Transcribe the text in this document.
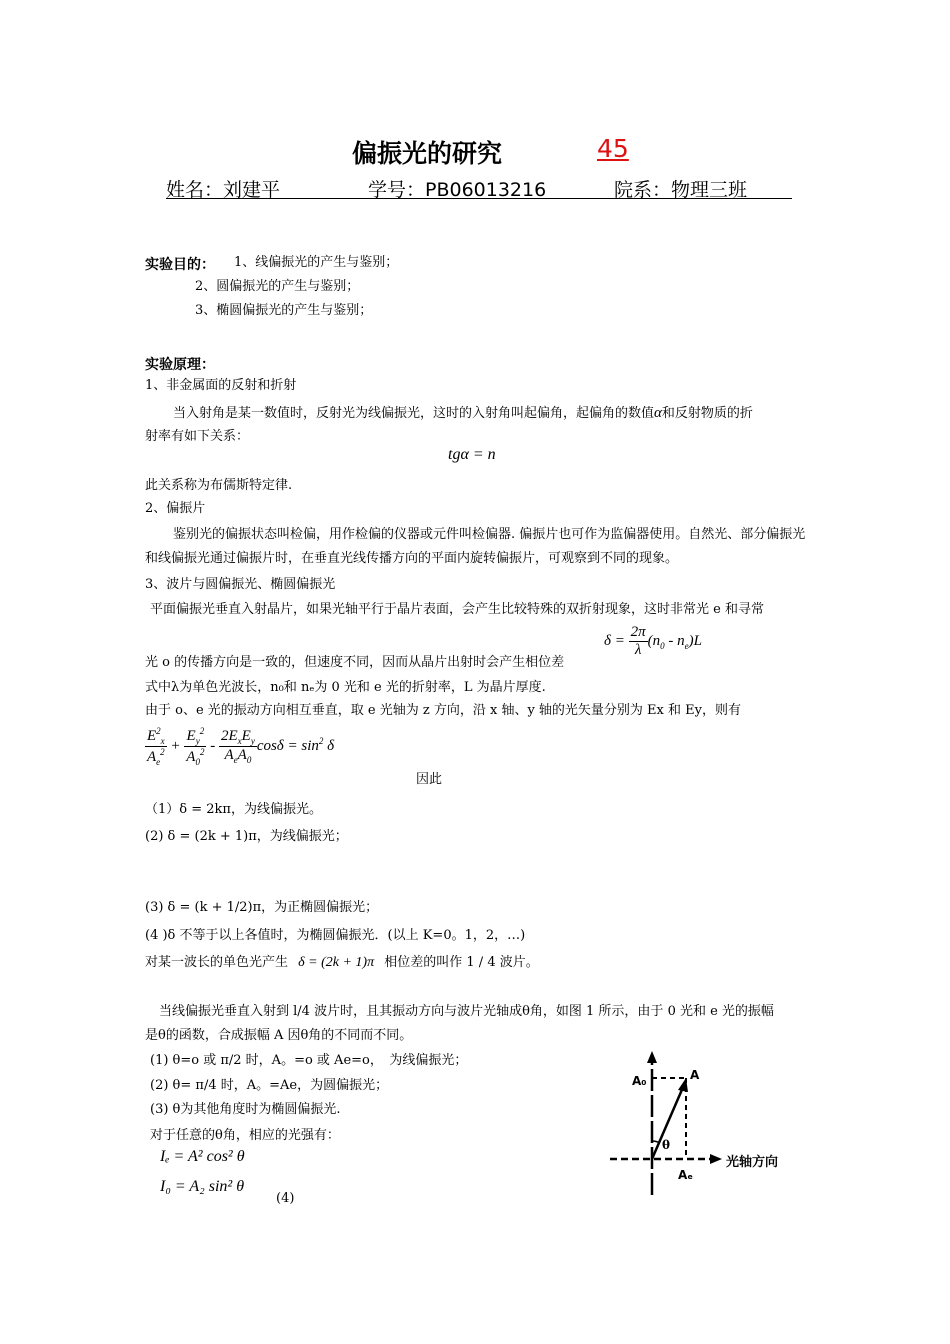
偏振光的研究	45
姓名：刘建平	学号：PB06013216	院系：物理三班
实验目的： 1、线偏振光的产生与鉴别；
2、圆偏振光的产生与鉴别；
3、椭圆偏振光的产生与鉴别；
实验原理：
1、非金属面的反射和折射
当入射角是某一数值时，反射光为线偏振光，这时的入射角叫起偏角，起偏角的数值α和反射物质的折
射率有如下关系：
tgα = n
此关系称为布儒斯特定律.
2、偏振片
鉴别光的偏振状态叫检偏，用作检偏的仪器或元件叫检偏器. 偏振片也可作为监偏器使用。自然光、部分偏振光和线偏振光通过偏振片时，在垂直光线传播方向的平面内旋转偏振片，可观察到不同的现象。
3、波片与圆偏振光、椭圆偏振光
平面偏振光垂直入射晶片，如果光轴平行于晶片表面，会产生比较特殊的双折射现象，这时非常光 e 和寻常
光 o 的传播方向是一致的，但速度不同，因而从晶片出射时会产生相位差
$\delta = \frac{2\pi}{\lambda} (n_0 - n_e)L$
式中λ为单色光波长，n₀和 nₑ为 0 光和 e 光的折射率，L 为晶片厚度.
由于 o、e 光的振动方向相互垂直，取 e 光轴为 z 方向，沿 x 轴、y 轴的光矢量分别为 Ex 和 Ey，则有
$\frac{E^2_x}{A_e^2} + \frac{E_y^2}{A_0^2} - \frac{2E_xE_y}{A_eA_0}$ $\cos\delta = \sin^2 \delta$
因此
（1）δ = 2kπ，为线偏振光。
(2) δ = (2k + 1)π，为线偏振光；
(3) δ = (k + 1/2)π，为正椭圆偏振光；
(4 )δ 不等于以上各值时，为椭圆偏振光．(以上 K=0。1，2，…)
对某一波长的单色光产生 δ = (2k + 1)π 相位差的叫作 1 / 4 波片。
当线偏振光垂直入射到 l/4 波片时，且其振动方向与波片光轴成θ角，如图 1 所示，由于 0 光和 e 光的振幅
是θ的函数，合成振幅 A 因θ角的不同而不同。
(1) θ=o 或 π/2 时，A。=o 或 Ae=o，　为线偏振光；
(2) θ= π/4 时，A。=Ae，为圆偏振光；
(3) θ为其他角度时为椭圆偏振光.
对于任意的θ角，相应的光强有：
Iₑ = A² cos² θ
I₀ = A₂ sin² θ
(4)
A₀	A
θ
Aₑ
光轴方向
